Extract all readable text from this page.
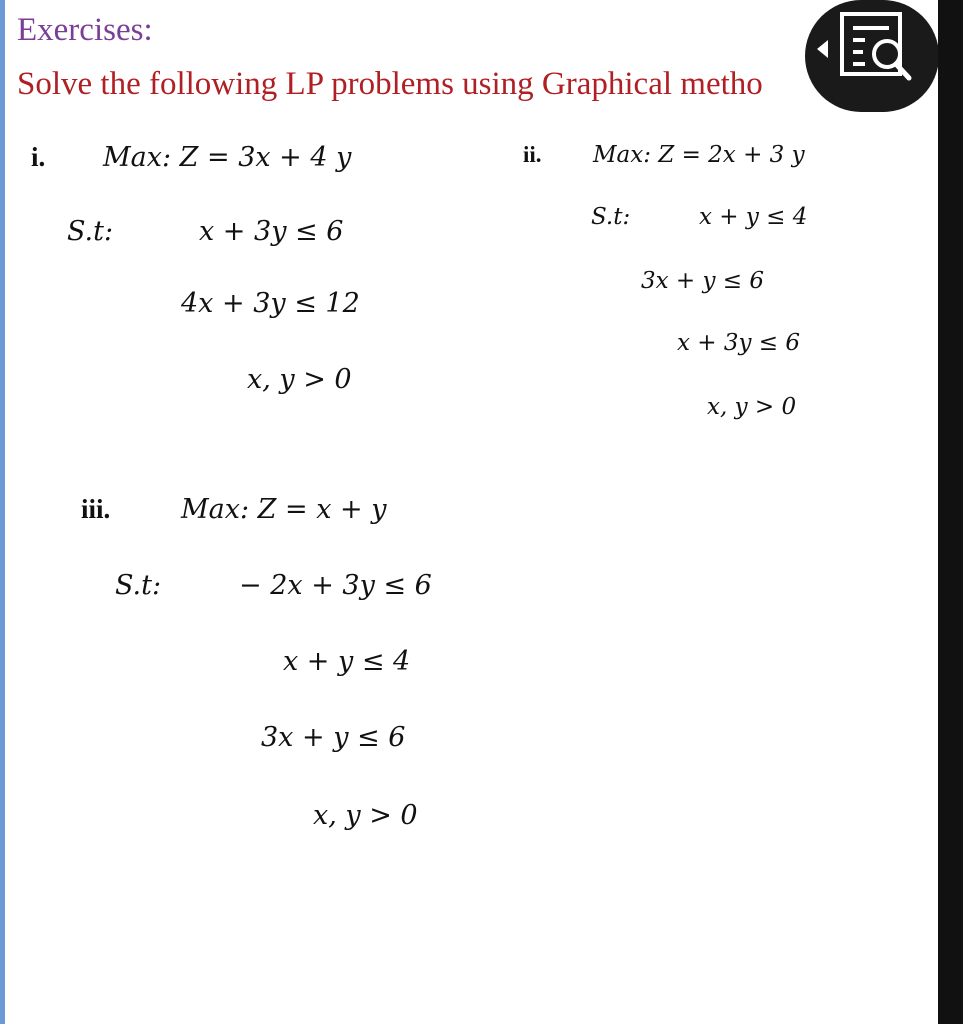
Exercises:
Solve the following LP problems using Graphical metho
i. Max: Z = 3x + 4 y
S.t:	x + 3y ≤ 6
4x + 3y ≤ 12
x, y > 0
ii. Max: Z = 2x + 3 y
S.t:	x + y ≤ 4
3x + y ≤ 6
x + 3y ≤ 6
x, y > 0
iii.	Max: Z = x + y
S.t:	− 2x + 3y ≤ 6
x + y ≤ 4
3x + y ≤ 6
x, y > 0
